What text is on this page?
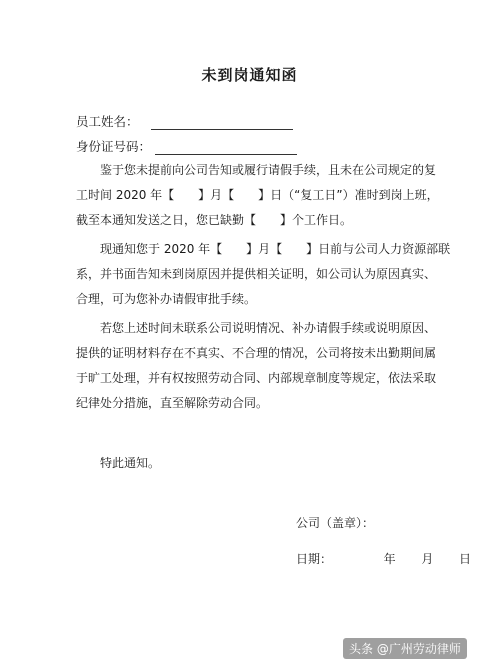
未到岗通知函
员工姓名：
身份证号码：
鉴于您未提前向公司告知或履行请假手续，且未在公司规定的复
工时间 2020 年【　　】月【　　】日（“复工日”）准时到岗上班，
截至本通知发送之日，您已缺勤【　　】个工作日。
现通知您于 2020 年【　　】月【　　】日前与公司人力资源部联
系，并书面告知未到岗原因并提供相关证明，如公司认为原因真实、
合理，可为您补办请假审批手续。
若您上述时间未联系公司说明情况、补办请假手续或说明原因、
提供的证明材料存在不真实、不合理的情况，公司将按未出勤期间属
于旷工处理，并有权按照劳动合同、内部规章制度等规定，依法采取
纪律处分措施，直至解除劳动合同。
特此通知。
公司（盖章）：
日期：	年 月 日
头条 @广州劳动律师
